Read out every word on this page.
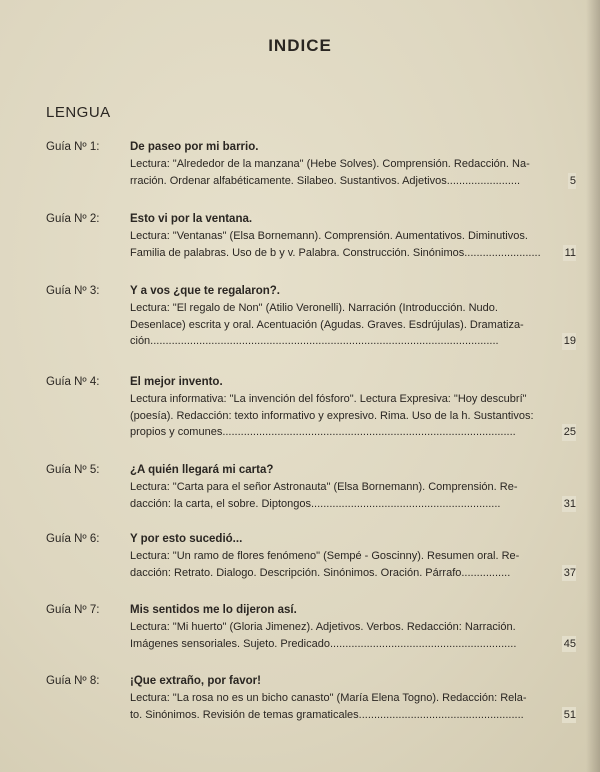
INDICE
LENGUA
Guía Nº 1:	De paseo por mi barrio.
Lectura: "Alrededor de la manzana" (Hebe Solves). Comprensión. Redacción. Na-
rración. Ordenar alfabéticamente. Silabeo. Sustantivos. Adjetivos........................	5
Guía Nº 2:	Esto vi por la ventana.
Lectura: "Ventanas" (Elsa Bornemann). Comprensión. Aumentativos. Diminutivos.
Familia de palabras. Uso de b y v. Palabra. Construcción. Sinónimos......................... 11
Guía Nº 3:	Y a vos ¿que te regalaron?.
Lectura: "El regalo de Non" (Atilio Veronelli). Narración (Introducción. Nudo.
Desenlace) escrita y oral. Acentuación (Agudas. Graves. Esdrújulas). Dramatiza-
ción..................................................................................................................	19
Guía Nº 4:	El mejor invento.
Lectura informativa: "La invención del fósforo". Lectura Expresiva: "Hoy descubrí"
(poesía). Redacción: texto informativo y expresivo. Rima. Uso de la h. Sustantivos:
propios y comunes................................................................................................	25
Guía Nº 5:	¿A quién llegará mi carta?
Lectura: "Carta para el señor Astronauta" (Elsa Bornemann). Comprensión. Re-
dacción: la carta, el sobre. Diptongos..............................................................	31
Guía Nº 6:	Y por esto sucedió...
Lectura: "Un ramo de flores fenómeno" (Sempé - Goscinny). Resumen oral. Re-
dacción: Retrato. Dialogo. Descripción. Sinónimos. Oración. Párrafo................	37
Guía Nº 7:	Mis sentidos me lo dijeron así.
Lectura: "Mi huerto" (Gloria Jimenez). Adjetivos. Verbos. Redacción: Narración.
Imágenes sensoriales. Sujeto. Predicado.............................................................	45
Guía Nº 8:	¡Que extraño, por favor!
Lectura: "La rosa no es un bicho canasto" (María Elena Togno). Redacción: Rela-
to. Sinónimos. Revisión de temas gramaticales......................................................	51
